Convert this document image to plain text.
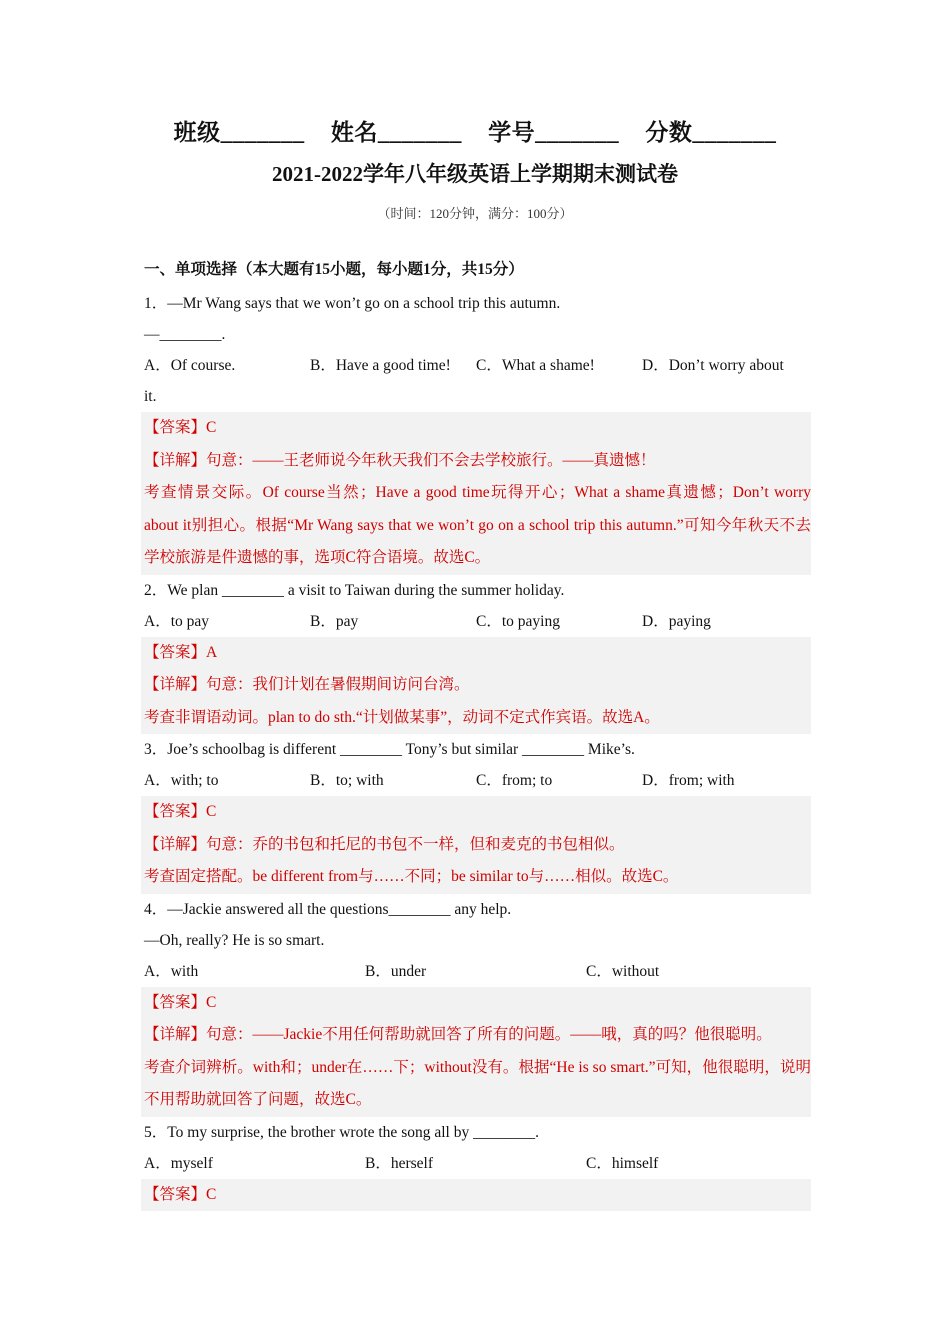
班级_______ 姓名_______ 学号_______ 分数_______
2021-2022学年八年级英语上学期期末测试卷
（时间：120分钟，满分：100分）
一、单项选择（本大题有15小题，每小题1分，共15分）
1．—Mr Wang says that we won’t go on a school trip this autumn.
—________.
A．Of course.	B．Have a good time!	C．What a shame!	D．Don’t worry about
it.
【答案】C
【详解】句意：——王老师说今年秋天我们不会去学校旅行。——真遗憾！
考查情景交际。Of course当然；Have a good time玩得开心；What a shame真遗憾；Don’t worry about it别担心。根据“Mr Wang says that we won’t go on a school trip this autumn.”可知今年秋天不去学校旅游是件遗憾的事，选项C符合语境。故选C。
2．We plan ________ a visit to Taiwan during the summer holiday.
A．to pay	B．pay	C．to paying	D．paying
【答案】A
【详解】句意：我们计划在暑假期间访问台湾。
考查非谓语动词。plan to do sth.“计划做某事”，动词不定式作宾语。故选A。
3．Joe’s schoolbag is different ________ Tony’s but similar ________ Mike’s.
A．with; to	B．to; with	C．from; to	D．from; with
【答案】C
【详解】句意：乔的书包和托尼的书包不一样，但和麦克的书包相似。
考查固定搭配。be different from与……不同；be similar to与……相似。故选C。
4．—Jackie answered all the questions________ any help.
—Oh, really? He is so smart.
A．with	B．under	C．without
【答案】C
【详解】句意：——Jackie不用任何帮助就回答了所有的问题。——哦，真的吗？他很聪明。
考查介词辨析。with和；under在……下；without没有。根据“He is so smart.”可知，他很聪明，说明不用帮助就回答了问题，故选C。
5．To my surprise, the brother wrote the song all by ________.
A．myself	B．herself	C．himself
【答案】C
